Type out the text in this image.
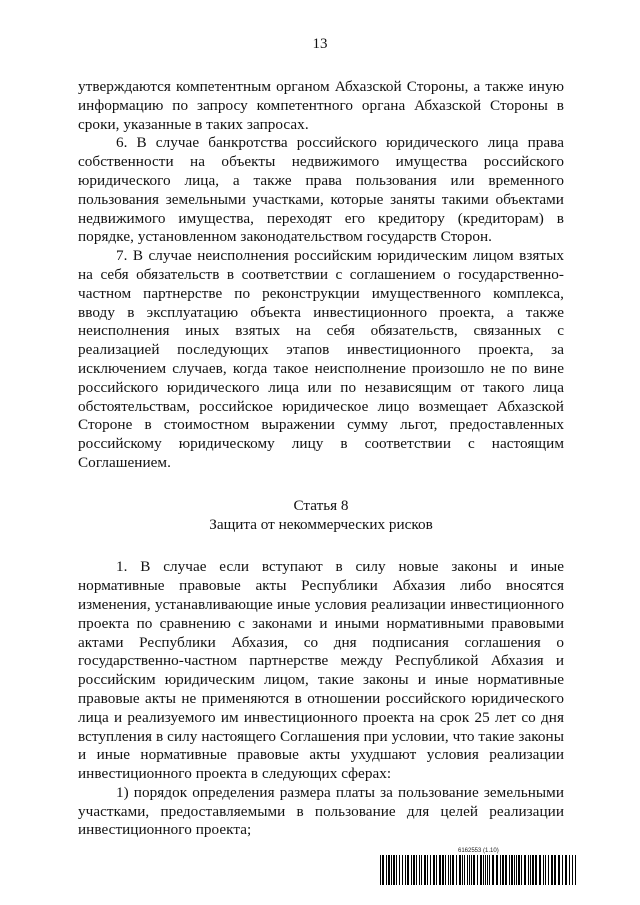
13

утверждаются компетентным органом Абхазской Стороны, а также иную информацию по запросу компетентного органа Абхазской Стороны в сроки, указанные в таких запросах.

6. В случае банкротства российского юридического лица права собственности на объекты недвижимого имущества российского юридического лица, а также права пользования или временного пользования земельными участками, которые заняты такими объектами недвижимого имущества, переходят его кредитору (кредиторам) в порядке, установленном законодательством государств Сторон.

7. В случае неисполнения российским юридическим лицом взятых на себя обязательств в соответствии с соглашением о государственно-частном партнерстве по реконструкции имущественного комплекса, вводу в эксплуатацию объекта инвестиционного проекта, а также неисполнения иных взятых на себя обязательств, связанных с реализацией последующих этапов инвестиционного проекта, за исключением случаев, когда такое неисполнение произошло не по вине российского юридического лица или по независящим от такого лица обстоятельствам, российское юридическое лицо возмещает Абхазской Стороне в стоимостном выражении сумму льгот, предоставленных российскому юридическому лицу в соответствии с настоящим Соглашением.

Статья 8

Защита от некоммерческих рисков

1. В случае если вступают в силу новые законы и иные нормативные правовые акты Республики Абхазия либо вносятся изменения, устанавливающие иные условия реализации инвестиционного проекта по сравнению с законами и иными нормативными правовыми актами Республики Абхазия, со дня подписания соглашения о государственно-частном партнерстве между Республикой Абхазия и российским юридическим лицом, такие законы и иные нормативные правовые акты не применяются в отношении российского юридического лица и реализуемого им инвестиционного проекта на срок 25 лет со дня вступления в силу настоящего Соглашения при условии, что такие законы и иные нормативные правовые акты ухудшают условия реализации инвестиционного проекта в следующих сферах:

1) порядок определения размера платы за пользование земельными участками, предоставляемыми в пользование для целей реализации инвестиционного проекта;

6162553 (1.10)
